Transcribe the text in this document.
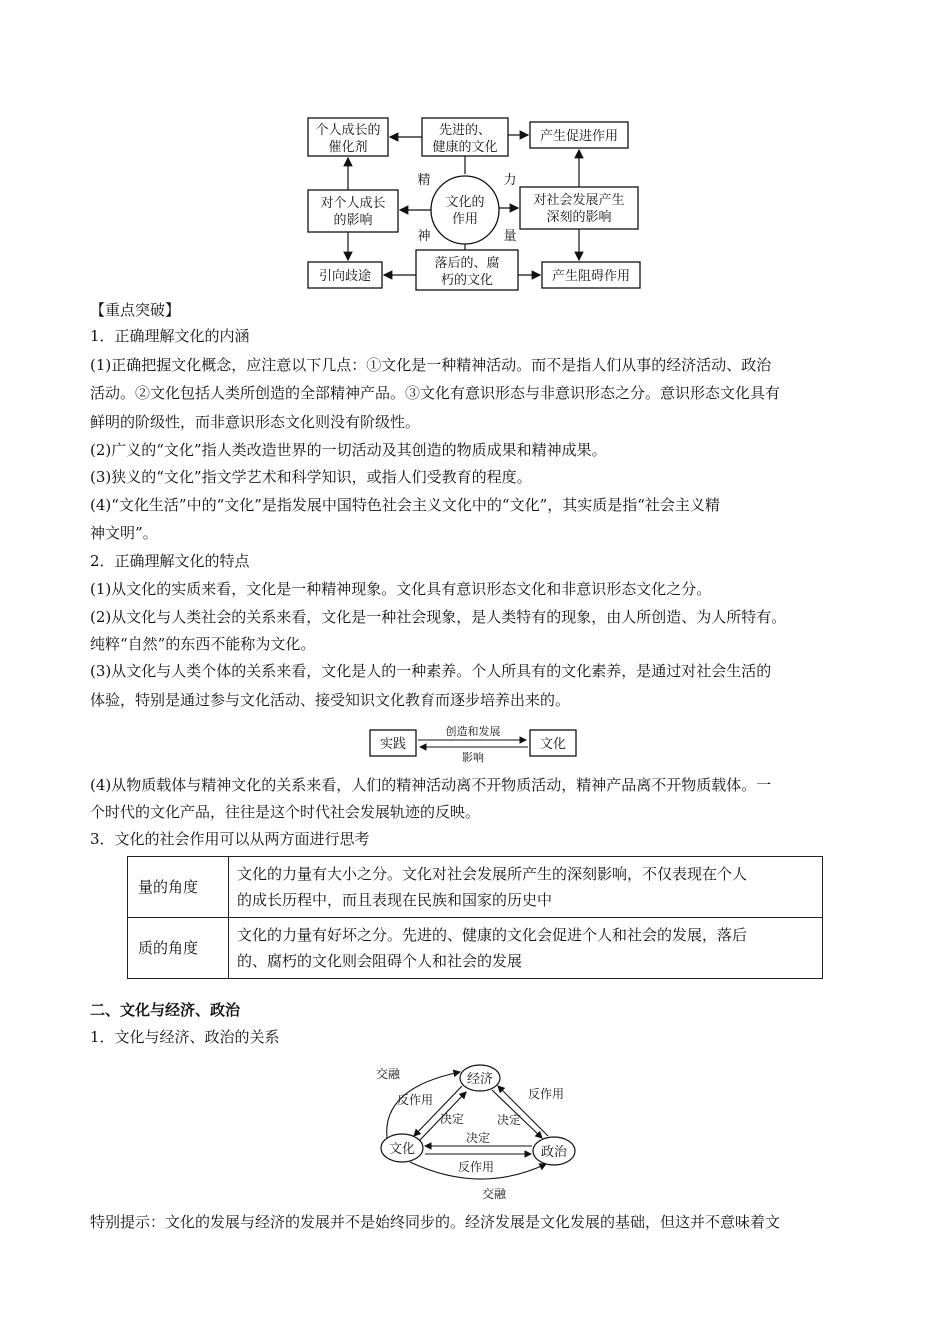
个人成长的
催化剂
先进的、
健康的文化
产生促进作用
对个人成长
的影响
文化的
作用
对社会发展产生
深刻的影响
引向歧途
落后的、腐
朽的文化	产生阻碍作用
精	力
神	量
【重点突破】
1．正确理解文化的内涵
(1)正确把握文化概念，应注意以下几点：①文化是一种精神活动。而不是指人们从事的经济活动、政治
活动。②文化包括人类所创造的全部精神产品。③文化有意识形态与非意识形态之分。意识形态文化具有
鲜明的阶级性，而非意识形态文化则没有阶级性。
(2)广义的“文化”指人类改造世界的一切活动及其创造的物质成果和精神成果。
(3)狭义的“文化”指文学艺术和科学知识，或指人们受教育的程度。
(4)“文化生活”中的“文化”是指发展中国特色社会主义文化中的“文化”，其实质是指“社会主义精
神文明”。
2．正确理解文化的特点
(1)从文化的实质来看，文化是一种精神现象。文化具有意识形态文化和非意识形态文化之分。
(2)从文化与人类社会的关系来看，文化是一种社会现象，是人类特有的现象，由人所创造、为人所特有。
纯粹“自然”的东西不能称为文化。
(3)从文化与人类个体的关系来看，文化是人的一种素养。个人所具有的文化素养，是通过对社会生活的
体验，特别是通过参与文化活动、接受知识文化教育而逐步培养出来的。
实践	文化
创造和发展
影响
(4)从物质载体与精神文化的关系来看，人们的精神活动离不开物质活动，精神产品离不开物质载体。一
个时代的文化产品，往往是这个时代社会发展轨迹的反映。
3．文化的社会作用可以从两方面进行思考
量的角度	文化的力量有大小之分。文化对社会发展所产生的深刻影响，不仅表现在个人
的成长历程中，而且表现在民族和国家的历史中

质的角度	文化的力量有好坏之分。先进的、健康的文化会促进个人和社会的发展，落后
的、腐朽的文化则会阻碍个人和社会的发展
二、文化与经济、政治
1．文化与经济、政治的关系
经济
文化	政治
交融
反作用
决定	决定
反作用
决定
反作用
交融
特别提示：文化的发展与经济的发展并不是始终同步的。经济发展是文化发展的基础，但这并不意味着文
